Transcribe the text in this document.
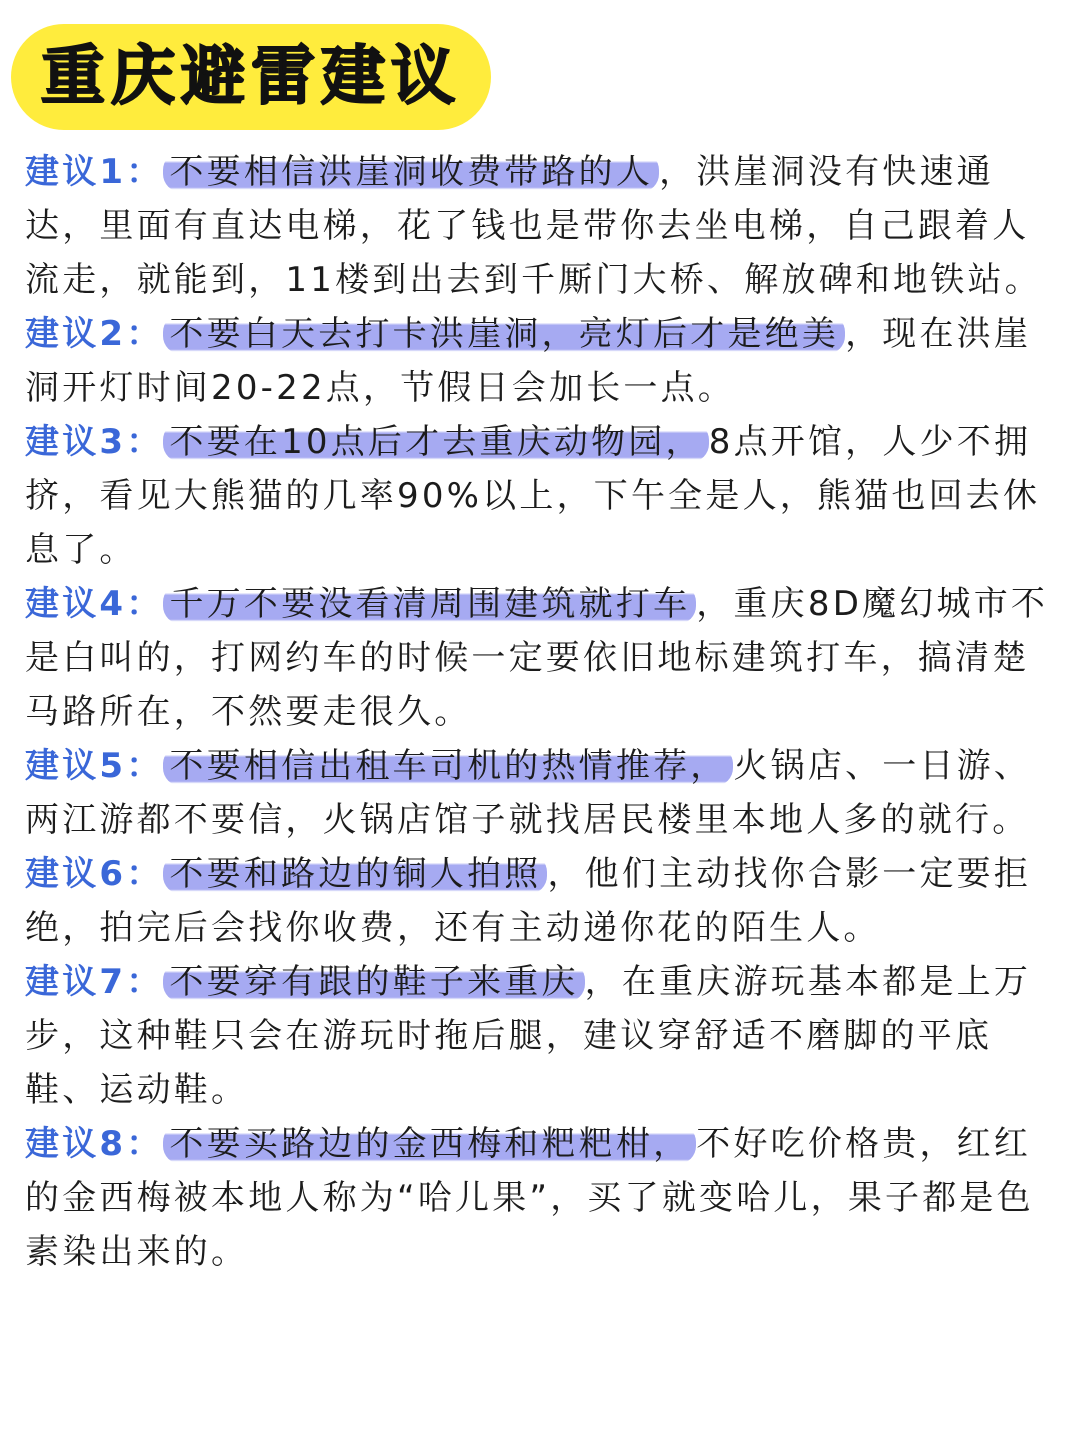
重庆避雷建议

建议1： 不要相信洪崖洞收费带路的人 ，洪崖洞没有快速通达，里面有直达电梯，花了钱也是带你去坐电梯，自己跟着人流走，就能到，11楼到出去到千厮门大桥、解放碑和地铁站。

建议2： 不要白天去打卡洪崖洞，亮灯后才是绝美 ，现在洪崖洞开灯时间20-22点，节假日会加长一点。

建议3： 不要在10点后才去重庆动物园， 8点开馆，人少不拥挤，看见大熊猫的几率90%以上，下午全是人，熊猫也回去休息了。

建议4： 千万不要没看清周围建筑就打车 ，重庆8D魔幻城市不是白叫的，打网约车的时候一定要依旧地标建筑打车，搞清楚马路所在，不然要走很久。

建议5： 不要相信出租车司机的热情推荐， 火锅店、一日游、两江游都不要信，火锅店馆子就找居民楼里本地人多的就行。

建议6： 不要和路边的铜人拍照 ，他们主动找你合影一定要拒绝，拍完后会找你收费，还有主动递你花的陌生人。

建议7： 不要穿有跟的鞋子来重庆 ，在重庆游玩基本都是上万步，这种鞋只会在游玩时拖后腿，建议穿舒适不磨脚的平底鞋、运动鞋。

建议8： 不要买路边的金西梅和粑粑柑， 不好吃价格贵，红红的金西梅被本地人称为“哈儿果”，买了就变哈儿，果子都是色素染出来的。
